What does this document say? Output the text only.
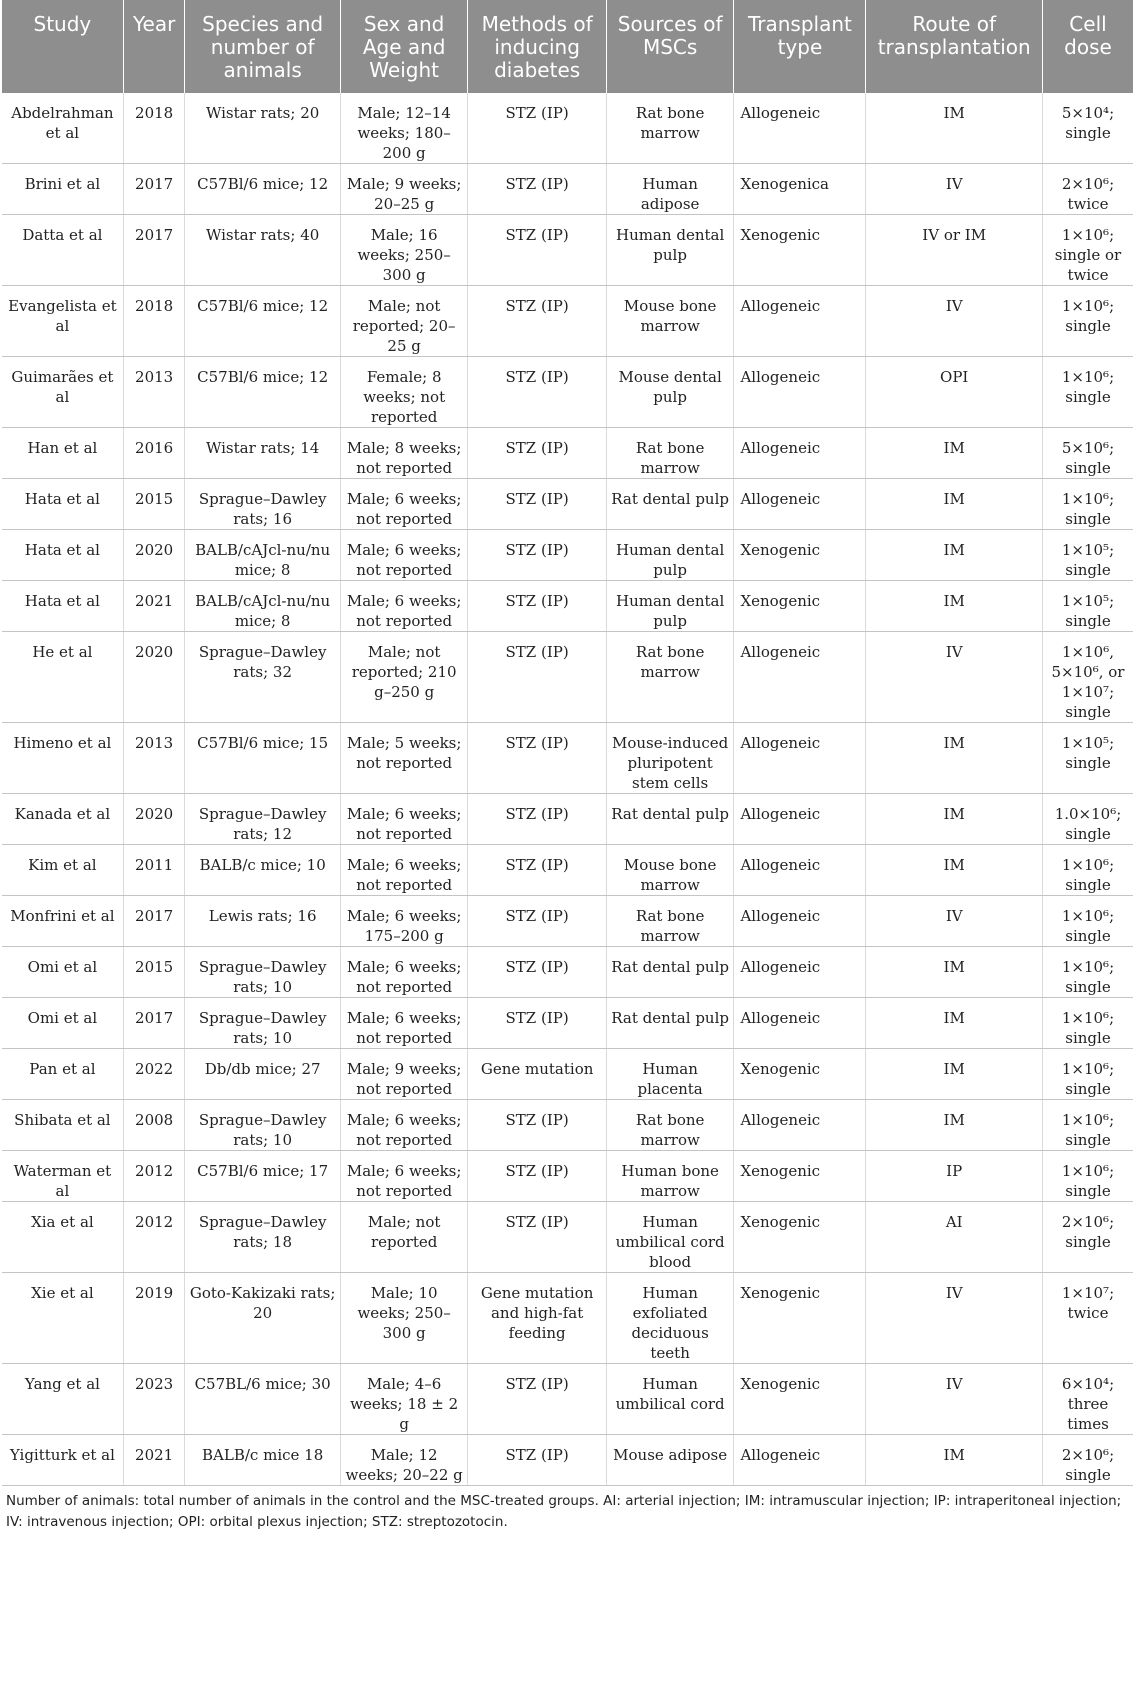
Study	Year	Species and number of animals	Sex and Age and Weight	Methods of inducing diabetes	Sources of MSCs	Transplant type	Route of transplantation	Cell dose
Abdelrahman et al	2018	Wistar rats; 20	Male; 12–14 weeks; 180–200 g	STZ (IP)	Rat bone marrow	Allogeneic	IM	5×10⁴; single
Brini et al	2017	C57Bl/6 mice; 12	Male; 9 weeks; 20–25 g	STZ (IP)	Human adipose	Xenogenica	IV	2×10⁶; twice
Datta et al	2017	Wistar rats; 40	Male; 16 weeks; 250–300 g	STZ (IP)	Human dental pulp	Xenogenic	IV or IM	1×10⁶; single or twice
Evangelista et al	2018	C57Bl/6 mice; 12	Male; not reported; 20–25 g	STZ (IP)	Mouse bone marrow	Allogeneic	IV	1×10⁶; single
Guimarães et al	2013	C57Bl/6 mice; 12	Female; 8 weeks; not reported	STZ (IP)	Mouse dental pulp	Allogeneic	OPI	1×10⁶; single
Han et al	2016	Wistar rats; 14	Male; 8 weeks; not reported	STZ (IP)	Rat bone marrow	Allogeneic	IM	5×10⁶; single
Hata et al	2015	Sprague–Dawley rats; 16	Male; 6 weeks; not reported	STZ (IP)	Rat dental pulp	Allogeneic	IM	1×10⁶; single
Hata et al	2020	BALB/cAJcl-nu/nu mice; 8	Male; 6 weeks; not reported	STZ (IP)	Human dental pulp	Xenogenic	IM	1×10⁵; single
Hata et al	2021	BALB/cAJcl-nu/nu mice; 8	Male; 6 weeks; not reported	STZ (IP)	Human dental pulp	Xenogenic	IM	1×10⁵; single
He et al	2020	Sprague–Dawley rats; 32	Male; not reported; 210 g–250 g	STZ (IP)	Rat bone marrow	Allogeneic	IV	1×10⁶, 5×10⁶, or 1×10⁷; single
Himeno et al	2013	C57Bl/6 mice; 15	Male; 5 weeks; not reported	STZ (IP)	Mouse-induced pluripotent stem cells	Allogeneic	IM	1×10⁵; single
Kanada et al	2020	Sprague–Dawley rats; 12	Male; 6 weeks; not reported	STZ (IP)	Rat dental pulp	Allogeneic	IM	1.0×10⁶; single
Kim et al	2011	BALB/c mice; 10	Male; 6 weeks; not reported	STZ (IP)	Mouse bone marrow	Allogeneic	IM	1×10⁶; single
Monfrini et al	2017	Lewis rats; 16	Male; 6 weeks; 175–200 g	STZ (IP)	Rat bone marrow	Allogeneic	IV	1×10⁶; single
Omi et al	2015	Sprague–Dawley rats; 10	Male; 6 weeks; not reported	STZ (IP)	Rat dental pulp	Allogeneic	IM	1×10⁶; single
Omi et al	2017	Sprague–Dawley rats; 10	Male; 6 weeks; not reported	STZ (IP)	Rat dental pulp	Allogeneic	IM	1×10⁶; single
Pan et al	2022	Db/db mice; 27	Male; 9 weeks; not reported	Gene mutation	Human placenta	Xenogenic	IM	1×10⁶; single
Shibata et al	2008	Sprague–Dawley rats; 10	Male; 6 weeks; not reported	STZ (IP)	Rat bone marrow	Allogeneic	IM	1×10⁶; single
Waterman et al	2012	C57Bl/6 mice; 17	Male; 6 weeks; not reported	STZ (IP)	Human bone marrow	Xenogenic	IP	1×10⁶; single
Xia et al	2012	Sprague–Dawley rats; 18	Male; not reported	STZ (IP)	Human umbilical cord blood	Xenogenic	AI	2×10⁶; single
Xie et al	2019	Goto-Kakizaki rats; 20	Male; 10 weeks; 250–300 g	Gene mutation and high-fat feeding	Human exfoliated deciduous teeth	Xenogenic	IV	1×10⁷; twice
Yang et al	2023	C57BL/6 mice; 30	Male; 4–6 weeks; 18 ± 2 g	STZ (IP)	Human umbilical cord	Xenogenic	IV	6×10⁴; three times
Yigitturk et al	2021	BALB/c mice 18	Male; 12 weeks; 20–22 g	STZ (IP)	Mouse adipose	Allogeneic	IM	2×10⁶; single
Number of animals: total number of animals in the control and the MSC-treated groups. AI: arterial injection; IM: intramuscular injection; IP: intraperitoneal injection; IV: intravenous injection; OPI: orbital plexus injection; STZ: streptozotocin.
